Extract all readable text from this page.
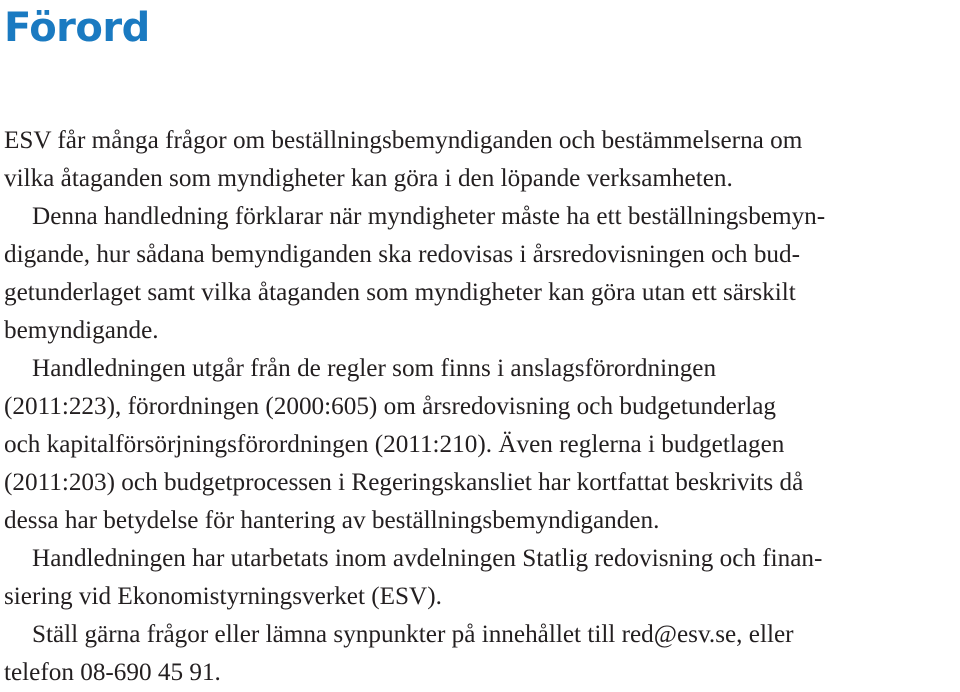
Förord

ESV får många frågor om beställningsbemyndiganden och bestämmelserna om
vilka åtaganden som myndigheter kan göra i den löpande verksamheten.

Denna handledning förklarar när myndigheter måste ha ett beställningsbemyn-
digande, hur sådana bemyndiganden ska redovisas i årsredovisningen och bud-
getunderlaget samt vilka åtaganden som myndigheter kan göra utan ett särskilt
bemyndigande.

Handledningen utgår från de regler som finns i anslagsförordningen
(2011:223), förordningen (2000:605) om årsredovisning och budgetunderlag
och kapitalförsörjningsförordningen (2011:210). Även reglerna i budgetlagen
(2011:203) och budgetprocessen i Regeringskansliet har kortfattat beskrivits då
dessa har betydelse för hantering av beställningsbemyndiganden.

Handledningen har utarbetats inom avdelningen Statlig redovisning och finan-
siering vid Ekonomistyrningsverket (ESV).

Ställ gärna frågor eller lämna synpunkter på innehållet till red@esv.se, eller
telefon 08-690 45 91.
